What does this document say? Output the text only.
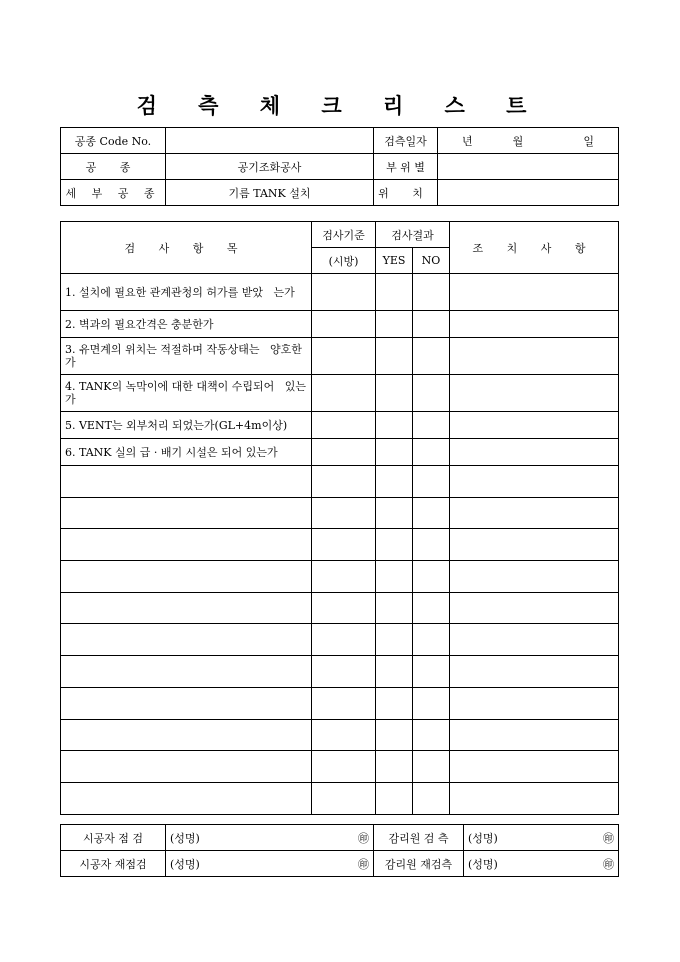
검 측 체 크 리 스 트
공종 Code No.		검측일자	년 월 일

공 종	공기조화공사	부 위 별	
세 부 공 종	기름 TANK 설치	위 치	
검 사 항 목	검사기준	검사결과		조 치 사 항
	(시방)	YES	NO	
1. 설치에 필요한 관계관청의 허가를 받았   는가				
2. 벽과의 필요간격은 충분한가				
3. 유면계의 위치는 적절하며 작동상태는   양호한가				
4. TANK의 녹막이에 대한 대책이 수립되어   있는가				
5. VENT는 외부처리 되었는가(GL+4m이상)				
6. TANK 실의 급 · 배기 시설은 되어 있는가				

시공자 점 검	(성명) ㊞	감리원 검 측	(성명) ㊞

시공자 재점검	(성명) ㊞	감리원 재검측	(성명) ㊞
